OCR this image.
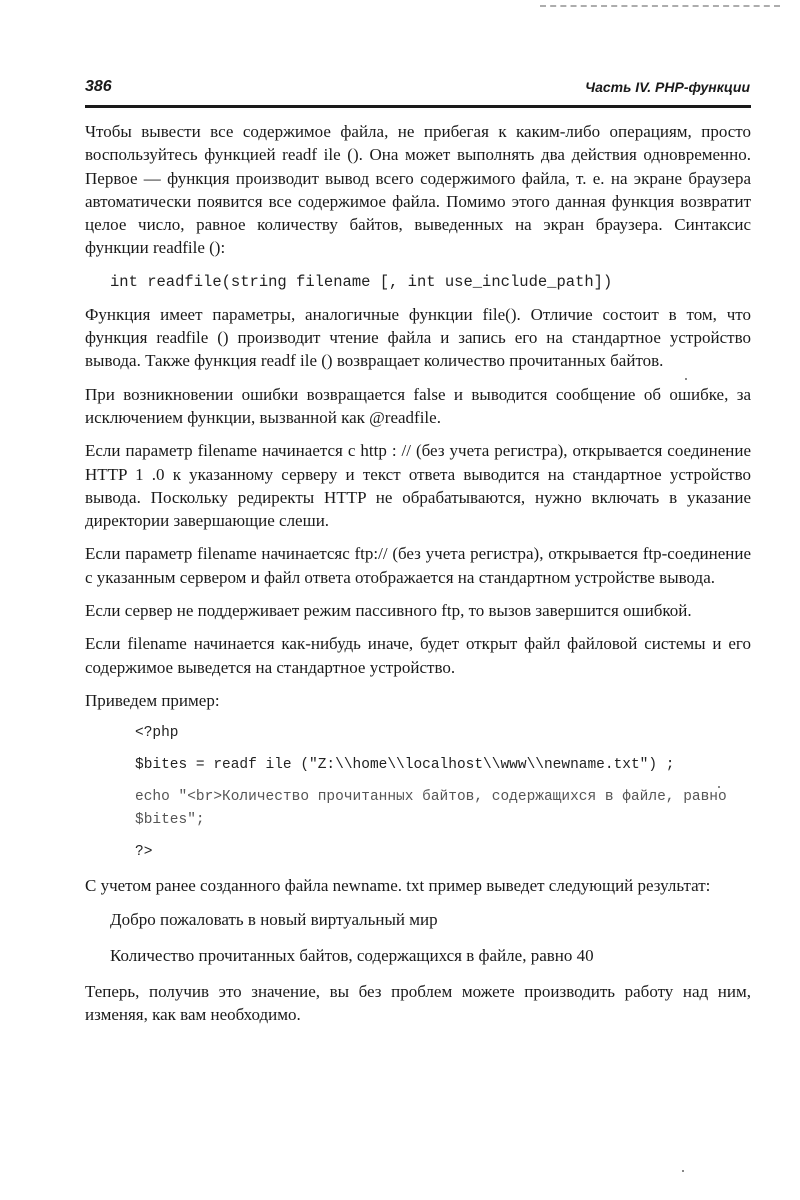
386	Часть IV. PHP-функции

Чтобы вывести все содержимое файла, не прибегая к каким-либо операциям, просто воспользуйтесь функцией readf ile (). Она может выполнять два действия одновременно. Первое — функция производит вывод всего содержимого файла, т. е. на экране браузера автоматически появится все содержимое файла. Помимо этого данная функция возвратит целое число, равное количеству байтов, выведенных на экран браузера. Синтаксис функции readfile ():

int readfile(string filename [, int use_include_path])

Функция имеет параметры, аналогичные функции file(). Отличие состоит в том, что функция readfile () производит чтение файла и запись его на стандартное устройство вывода. Также функция readf ile () возвращает количество прочитанных байтов.

При возникновении ошибки возвращается false и выводится сообщение об ошибке, за исключением функции, вызванной как @readfile.

Если параметр filename начинается с http : // (без учета регистра), открывается соединение HTTP 1 .0 к указанному серверу и текст ответа выводится на стандартное устройство вывода. Поскольку редиректы HTTP не обрабатываются, нужно включать в указание директории завершающие слеши.

Если параметр filename начинаетсяс ftp:// (без учета регистра), открывается ftp-соединение с указанным сервером и файл ответа отображается на стандартном устройстве вывода.

Если сервер не поддерживает режим пассивного ftp, то вызов завершится ошибкой.

Если filename начинается как-нибудь иначе, будет открыт файл файловой системы и его содержимое выведется на стандартное устройство.

Приведем пример:

<?php
$bites = readf ile ("Z:\\home\\localhost\\www\\newname.txt") ;
echo "<br>Количество прочитанных байтов, содержащихся в файле, равно $bites";
?>

С учетом ранее созданного файла newname. txt пример выведет следующий результат:

Добро пожаловать в новый виртуальный мир
Количество прочитанных байтов, содержащихся в файле, равно 40

Теперь, получив это значение, вы без проблем можете производить работу над ним, изменяя, как вам необходимо.
